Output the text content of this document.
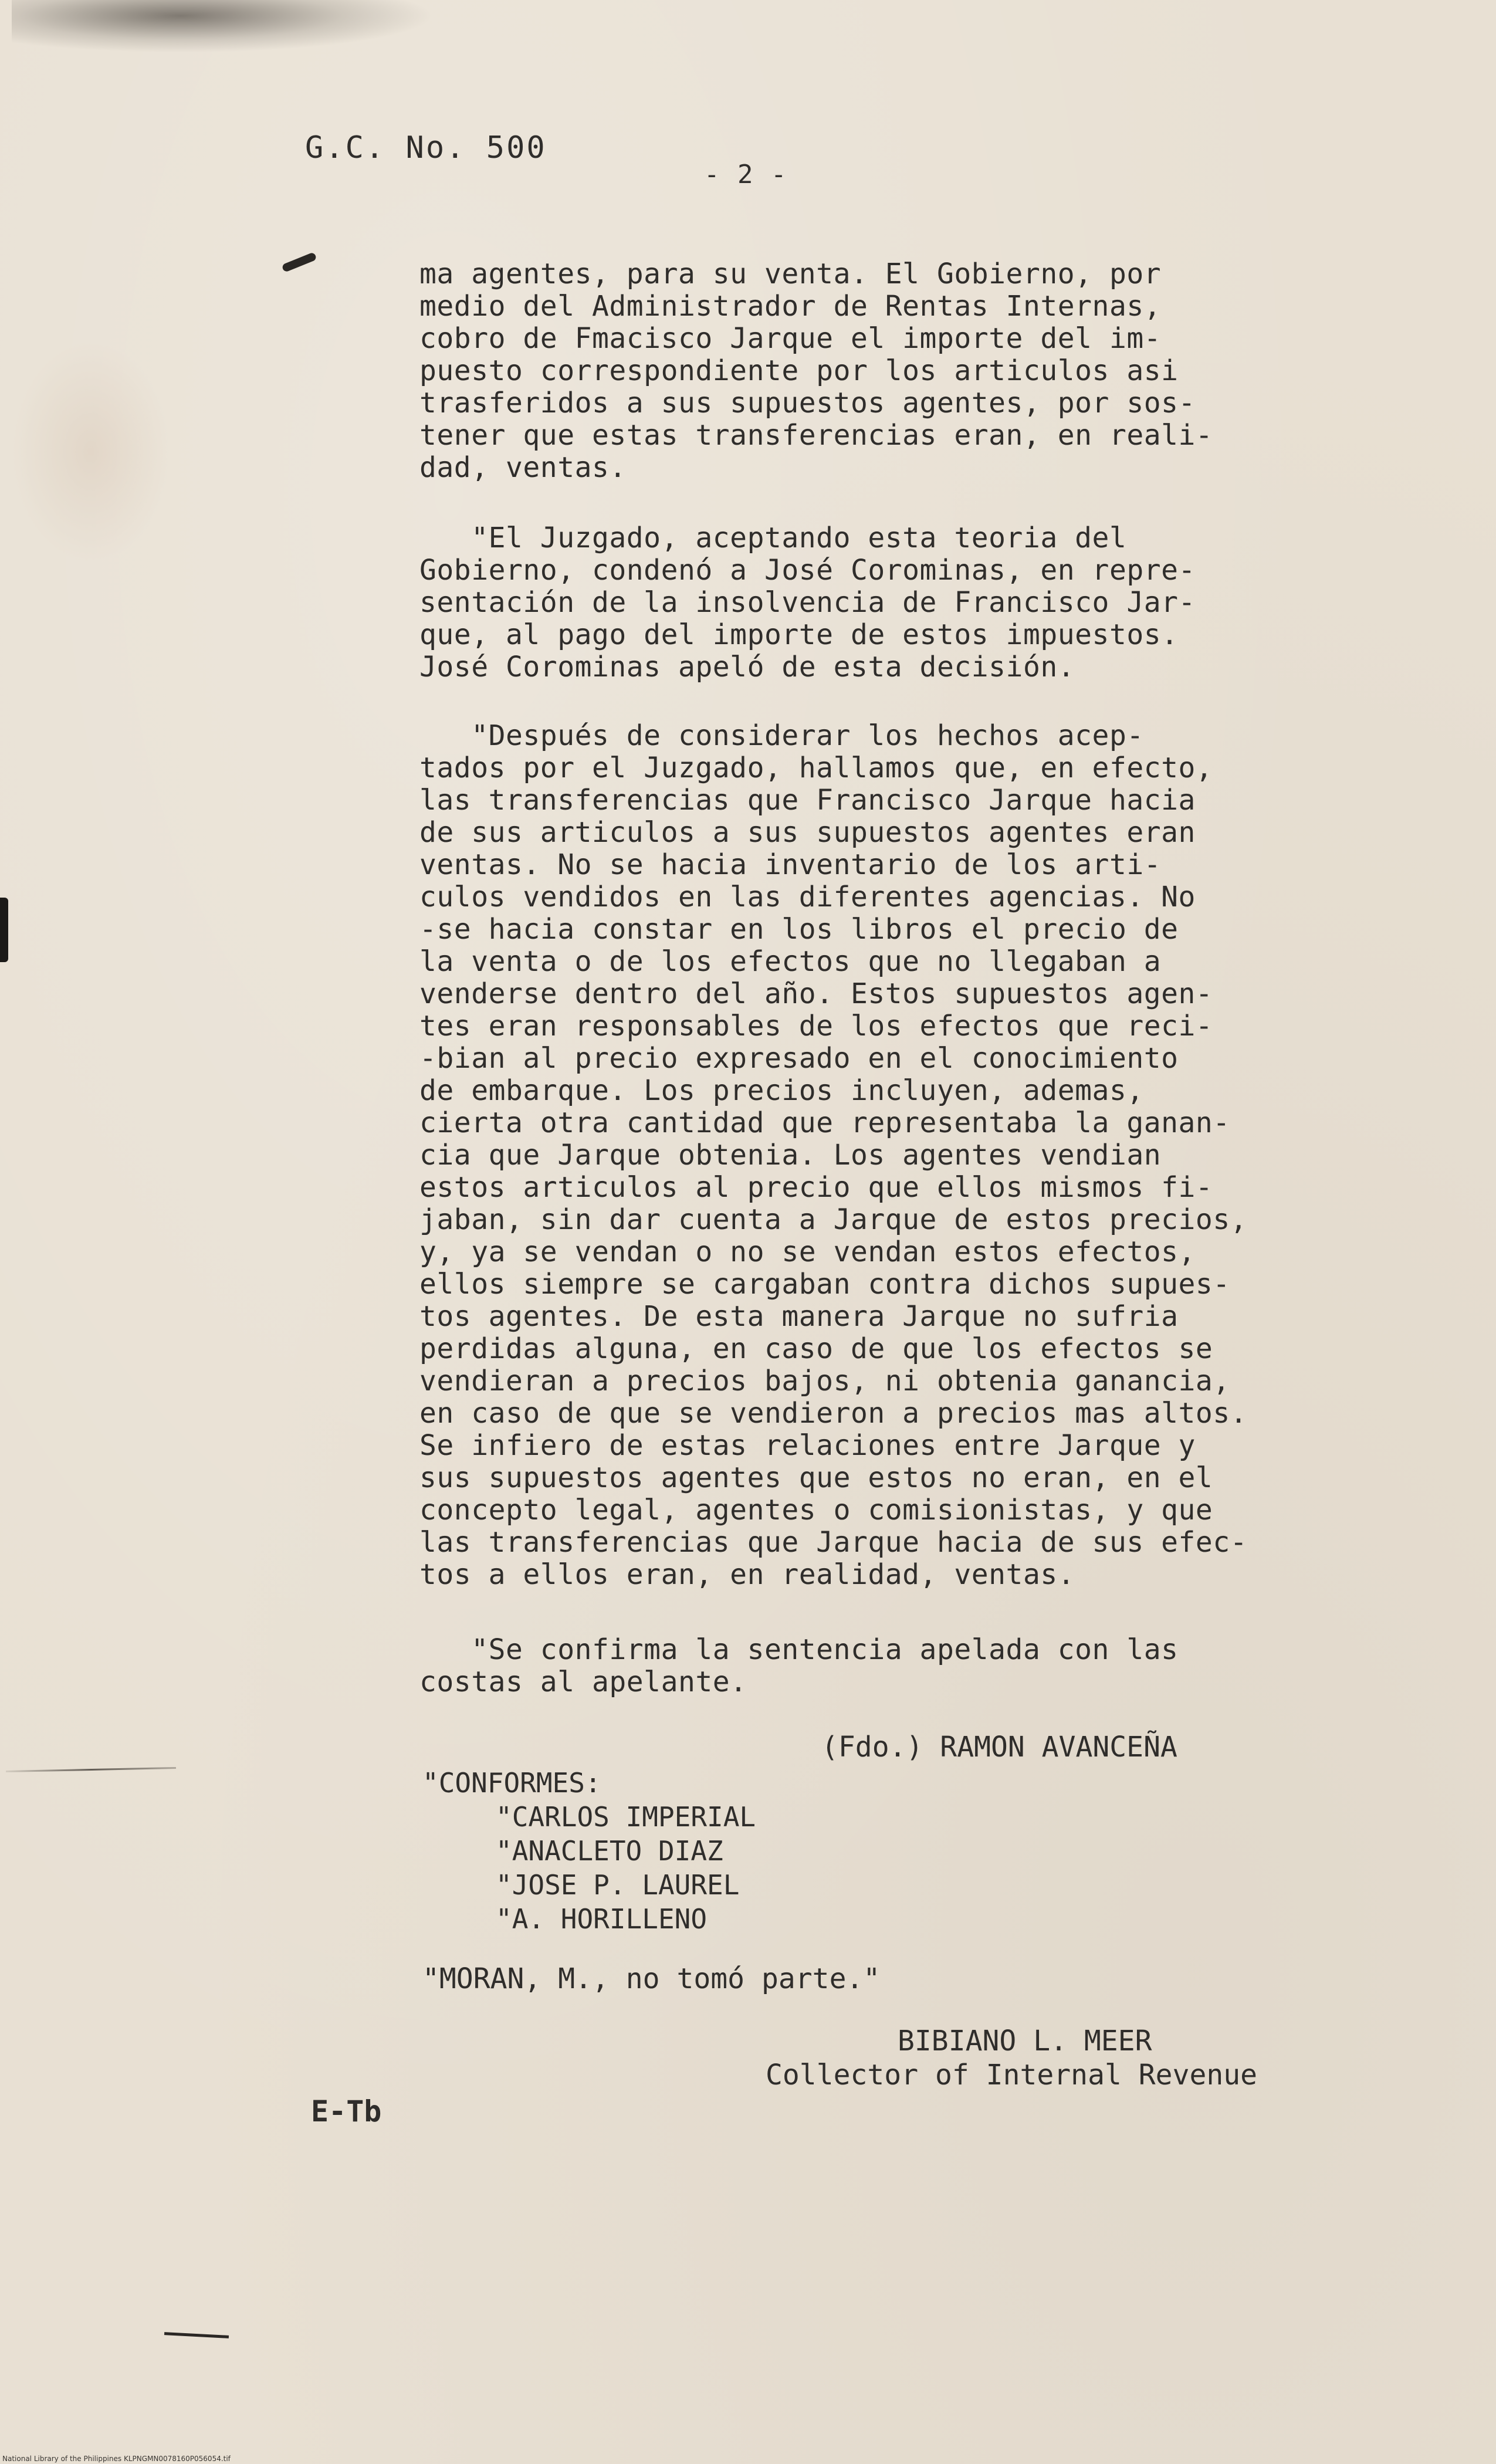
G.C. No. 500
- 2 -
ma agentes, para su venta. El Gobierno, por
medio del Administrador de Rentas Internas,
cobro de Fmacisco Jarque el importe del im-
puesto correspondiente por los articulos asi
trasferidos a sus supuestos agentes, por sos-
tener que estas transferencias eran, en reali-
dad, ventas.
"El Juzgado, aceptando esta teoria del
Gobierno, condenó a José Corominas, en repre-
sentación de la insolvencia de Francisco Jar-
que, al pago del importe de estos impuestos.
José Corominas apeló de esta decisión.
"Después de considerar los hechos acep-
tados por el Juzgado, hallamos que, en efecto,
las transferencias que Francisco Jarque hacia
de sus articulos a sus supuestos agentes eran
ventas. No se hacia inventario de los arti-
culos vendidos en las diferentes agencias. No
-se hacia constar en los libros el precio de
la venta o de los efectos que no llegaban a
venderse dentro del año. Estos supuestos agen-
tes eran responsables de los efectos que reci-
-bian al precio expresado en el conocimiento
de embarque. Los precios incluyen, ademas,
cierta otra cantidad que representaba la ganan-
cia que Jarque obtenia. Los agentes vendian
estos articulos al precio que ellos mismos fi-
jaban, sin dar cuenta a Jarque de estos precios,
y, ya se vendan o no se vendan estos efectos,
ellos siempre se cargaban contra dichos supues-
tos agentes. De esta manera Jarque no sufria
perdidas alguna, en caso de que los efectos se
vendieran a precios bajos, ni obtenia ganancia,
en caso de que se vendieron a precios mas altos.
Se infiero de estas relaciones entre Jarque y
sus supuestos agentes que estos no eran, en el
concepto legal, agentes o comisionistas, y que
las transferencias que Jarque hacia de sus efec-
tos a ellos eran, en realidad, ventas.
"Se confirma la sentencia apelada con las
costas al apelante.
(Fdo.) RAMON AVANCEÑA
"CONFORMES:
"CARLOS IMPERIAL
"ANACLETO DIAZ
"JOSE P. LAUREL
"A. HORILLENO
"MORAN, M., no tomó parte."
BIBIANO L. MEER
Collector of Internal Revenue
E-Tb
National Library of the Philippines KLPNGMN0078160P056054.tif
